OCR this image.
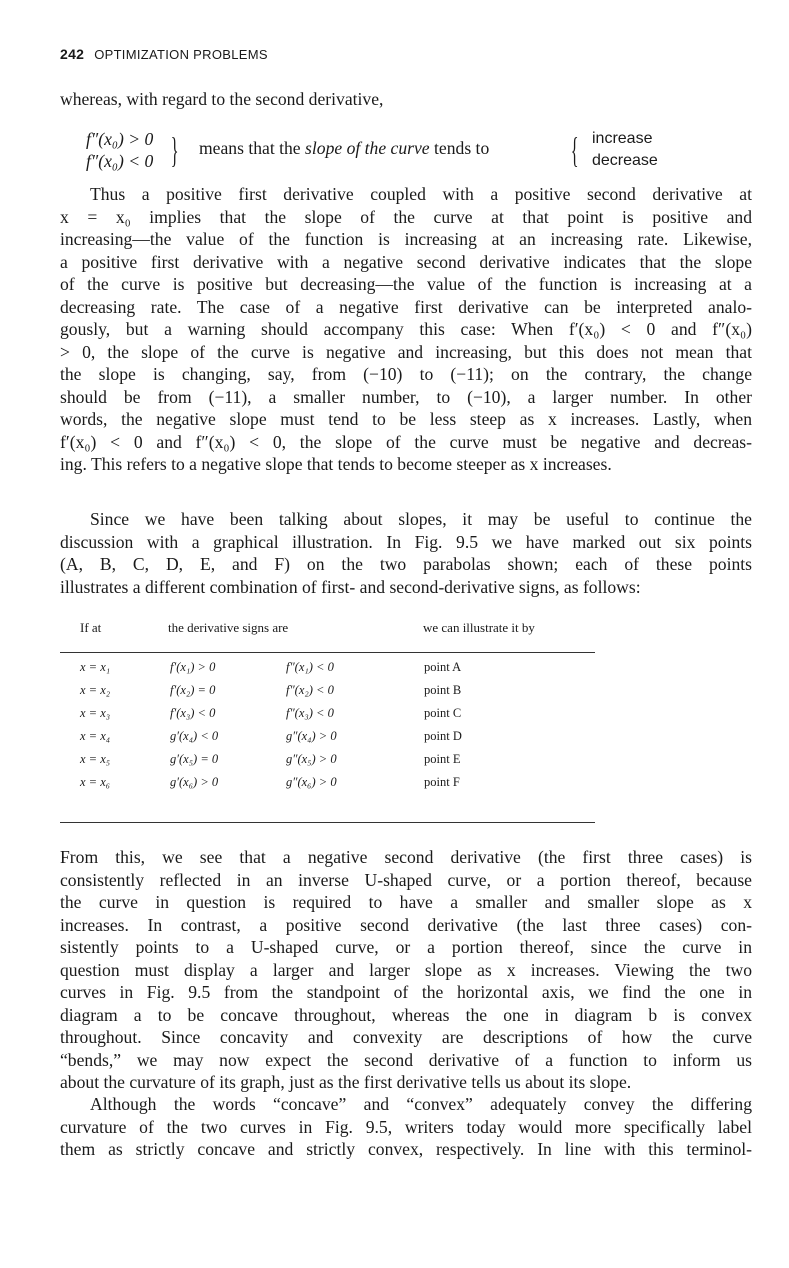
242 OPTIMIZATION PROBLEMS
whereas, with regard to the second derivative,
f″(x₀) > 0
f″(x₀) < 0 } means that the slope of the curve tends to { increase
decrease
Thus a positive first derivative coupled with a positive second derivative at
x = x₀ implies that the slope of the curve at that point is positive and
increasing—the value of the function is increasing at an increasing rate. Likewise,
a positive first derivative with a negative second derivative indicates that the slope
of the curve is positive but decreasing—the value of the function is increasing at a
decreasing rate. The case of a negative first derivative can be interpreted analo-
gously, but a warning should accompany this case: When f′(x₀) < 0 and f″(x₀)
> 0, the slope of the curve is negative and increasing, but this does not mean that
the slope is changing, say, from (−10) to (−11); on the contrary, the change
should be from (−11), a smaller number, to (−10), a larger number. In other
words, the negative slope must tend to be less steep as x increases. Lastly, when
f′(x₀) < 0 and f″(x₀) < 0, the slope of the curve must be negative and decreas-
ing. This refers to a negative slope that tends to become steeper as x increases.
Since we have been talking about slopes, it may be useful to continue the
discussion with a graphical illustration. In Fig. 9.5 we have marked out six points
(A, B, C, D, E, and F) on the two parabolas shown; each of these points
illustrates a different combination of first- and second-derivative signs, as follows:
If at	the derivative signs are	we can illustrate it by
x = x₁	f′(x₁) > 0	f″(x₁) < 0	point A
x = x₂	f′(x₂) = 0	f″(x₂) < 0	point B
x = x₃	f′(x₃) < 0	f″(x₃) < 0	point C
x = x₄	g′(x₄) < 0	g″(x₄) > 0	point D
x = x₅	g′(x₅) = 0	g″(x₅) > 0	point E
x = x₆	g′(x₆) > 0	g″(x₆) > 0	point F
From this, we see that a negative second derivative (the first three cases) is
consistently reflected in an inverse U-shaped curve, or a portion thereof, because
the curve in question is required to have a smaller and smaller slope as x
increases. In contrast, a positive second derivative (the last three cases) con-
sistently points to a U-shaped curve, or a portion thereof, since the curve in
question must display a larger and larger slope as x increases. Viewing the two
curves in Fig. 9.5 from the standpoint of the horizontal axis, we find the one in
diagram a to be concave throughout, whereas the one in diagram b is convex
throughout. Since concavity and convexity are descriptions of how the curve
“bends,” we may now expect the second derivative of a function to inform us
about the curvature of its graph, just as the first derivative tells us about its slope.
Although the words “concave” and “convex” adequately convey the differing
curvature of the two curves in Fig. 9.5, writers today would more specifically label
them as strictly concave and strictly convex, respectively. In line with this terminol-
